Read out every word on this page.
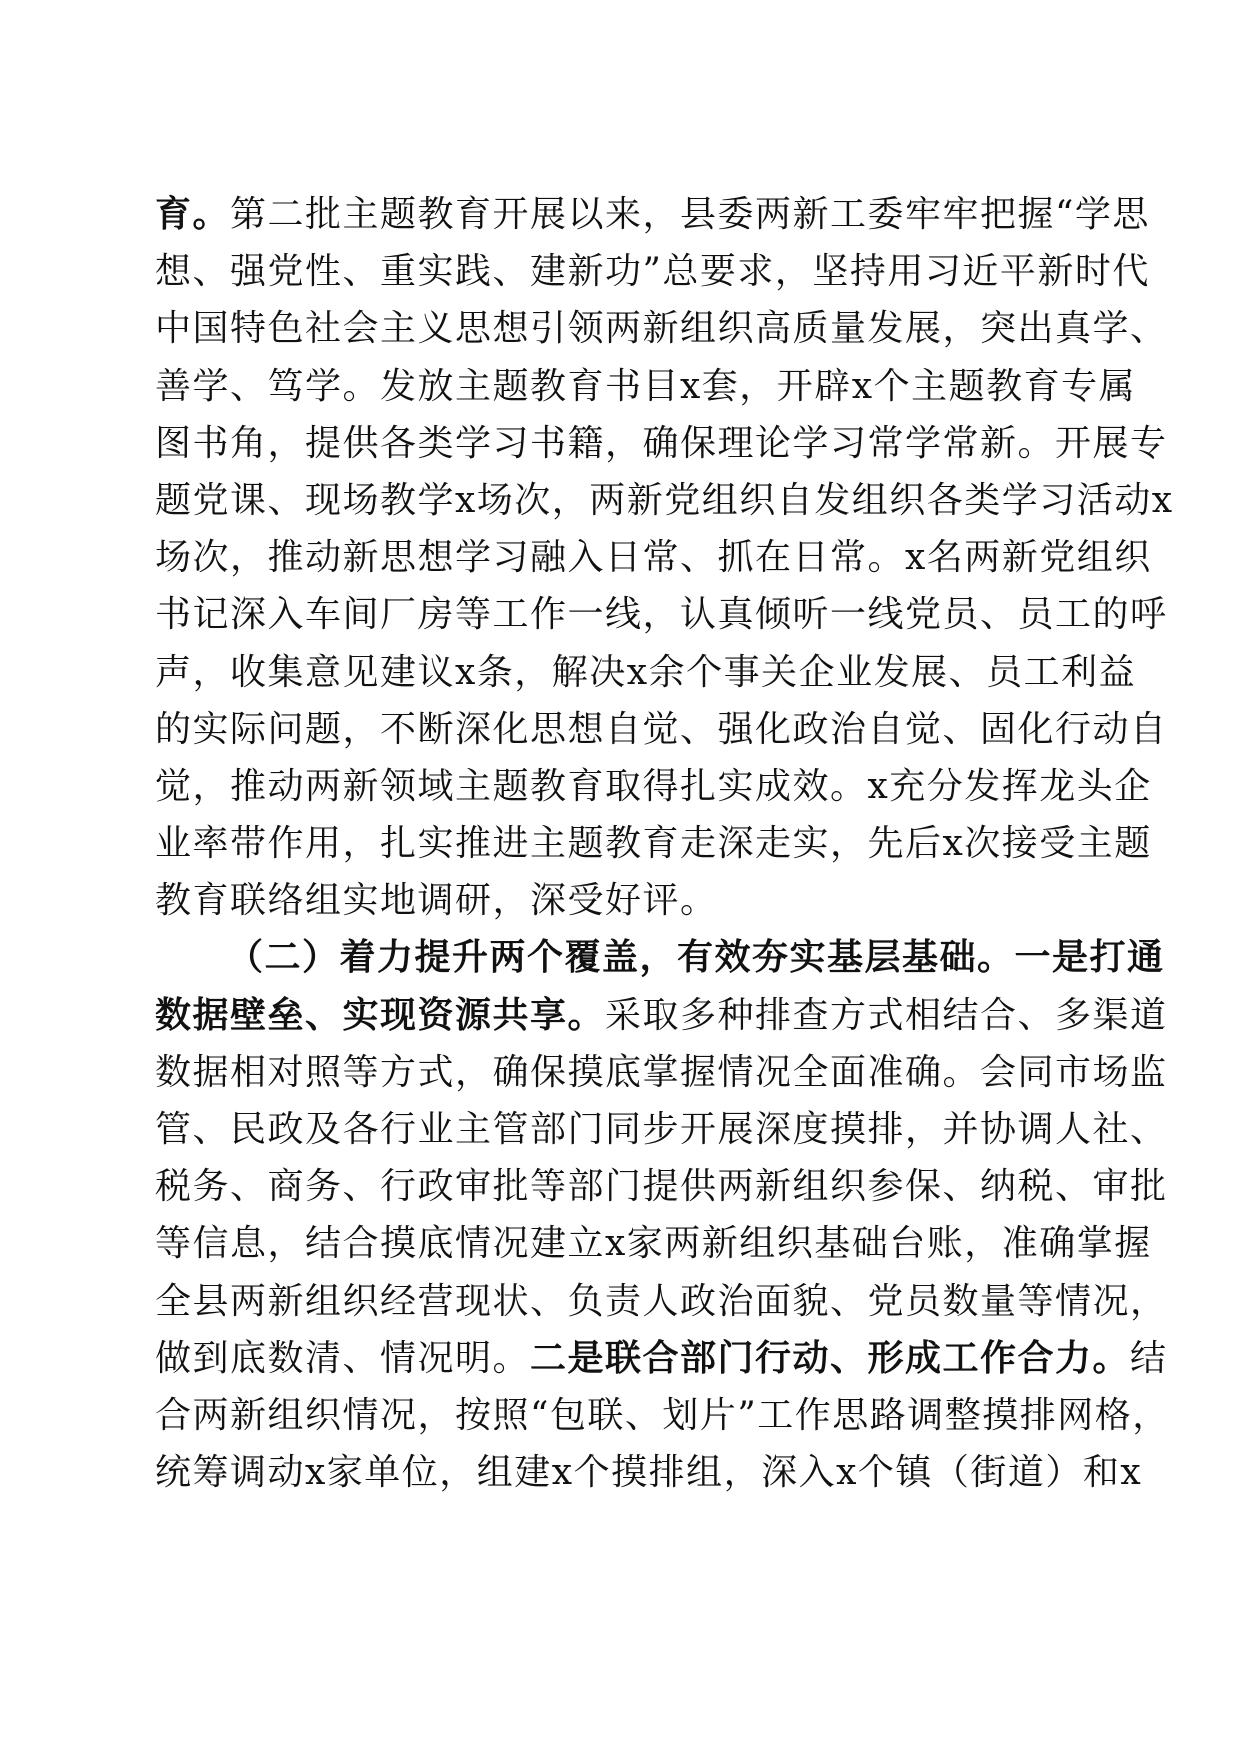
育。第二批主题教育开展以来，县委两新工委牢牢把握“学思
想、强党性、重实践、建新功”总要求，坚持用习近平新时代
中国特色社会主义思想引领两新组织高质量发展，突出真学、
善学、笃学。发放主题教育书目x套，开辟x个主题教育专属
图书角，提供各类学习书籍，确保理论学习常学常新。开展专
题党课、现场教学x场次，两新党组织自发组织各类学习活动x
场次，推动新思想学习融入日常、抓在日常。x名两新党组织
书记深入车间厂房等工作一线，认真倾听一线党员、员工的呼
声，收集意见建议x条，解决x余个事关企业发展、员工利益
的实际问题，不断深化思想自觉、强化政治自觉、固化行动自
觉，推动两新领域主题教育取得扎实成效。x充分发挥龙头企
业率带作用，扎实推进主题教育走深走实，先后x次接受主题
教育联络组实地调研，深受好评。
（二）着力提升两个覆盖，有效夯实基层基础。一是打通
数据壁垒、实现资源共享。采取多种排查方式相结合、多渠道
数据相对照等方式，确保摸底掌握情况全面准确。会同市场监
管、民政及各行业主管部门同步开展深度摸排，并协调人社、
税务、商务、行政审批等部门提供两新组织参保、纳税、审批
等信息，结合摸底情况建立x家两新组织基础台账，准确掌握
全县两新组织经营现状、负责人政治面貌、党员数量等情况，
做到底数清、情况明。二是联合部门行动、形成工作合力。结
合两新组织情况，按照“包联、划片”工作思路调整摸排网格，
统筹调动x家单位，组建x个摸排组，深入x个镇（街道）和x
